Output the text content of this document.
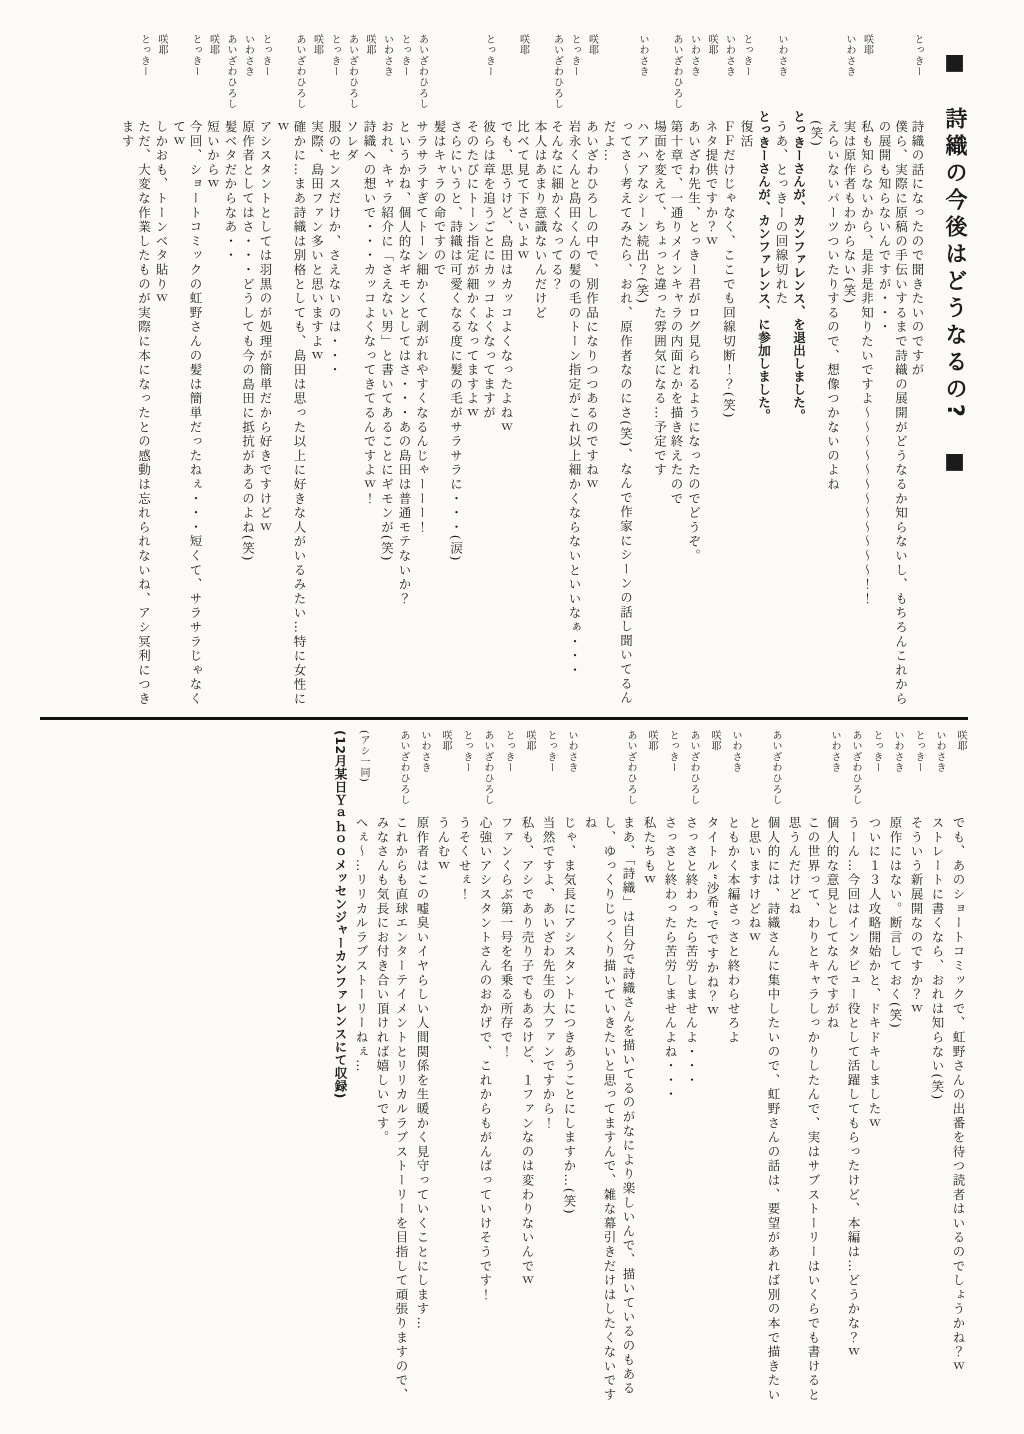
■　詩織の今後はどうなるの?　■

とっきー

詩織の話になったので聞きたいのですが

僕ら、実際に原稿の手伝いするまで詩織の展開がどうなるか知らないし、もちろんこれからの展開も知らないんですが・・・

咲耶

私も知らないから、是非是非知りたいですよ〜〜〜〜〜〜〜〜〜〜〜〜！！

いわさき

実は原作者もわからない(笑)

えらいないパーツついたりするので、想像つかないのよね

(笑)

とっきーさんが、カンファレンス、を退出しました。

いわさき

うあ、とっきーの回線切れた

とっきーさんが、カンファレンス、に参加しました。

とっきー

復活

いわさき

ＦＦだけじゃなく、ここでも回線切断！？(笑)

咲耶

ネタ提供ですか？ｗ

いわさき

あいざわ先生、とっきー君がログ見られるようになったのでどうぞ。

あいざわひろし

第十章で、一通りメインキャラの内面とかを描き終えたので

場面を変えて、ちょっと違った雰囲気になる…予定です

いわさき

ハアハアなシーン続出？(笑)

ってさ〜考えてみたら、おれ、原作者なのにさ(笑)、なんで作家にシーンの話し聞いてるんだよ…

咲耶

あいざわひろしの中で、別作品になりつつあるのですねｗ

とっきー

岩永くんと島田くんの髪の毛のトーン指定がこれ以上細かくならないといいなぁ・・・

あいざわひろし

そんなに細かくなってる？

本人はあまり意識ないんだけど

咲耶

比べて見て下さいよｗ

でも、思うけど、島田はカッコよくなったよねｗ

とっきー

彼らは章を追うごとにカッコよくなってますが

そのたびにトーン指定が細かくなってますよｗ

さらにいうと、詩織は可愛くなる度に髪の毛がサラサラに・・・(涙)

髪はキャラの命ですので

あいざわひろし

サラサラすぎてトーン細かくて剥がれやすくなるんじゃーーー！

とっきー

というかね、個人的なギモンとしてはさ・・・あの島田は普通モテないか？

いわさき

おれ、キャラ紹介に「さえない男」と書いてあることにギモンが(笑)

咲耶

詩織への想いで・・・カッコよくなってきてるんですよｗ！

あいざわひろし

ソレダ

とっきー

服のセンスだけか、さえないのは・・・

咲耶

実際、島田ファン多いと思いますよｗ

あいざわひろし

確かに…まあ詩織は別格としても、島田は思った以上に好きな人がいるみたい…特に女性にｗ

とっきー

アシスタントとしては羽黒のが処理が簡単だから好きですけどｗ

いわさき

原作者としてはさ・・・どうしても今の島田に抵抗があるのよね(笑)

あいざわひろし

髪ベタだからなあ・・

咲耶

短いからｗ

とっきー

今回、ショートコミックの虹野さんの髪は簡単だったねぇ・・・短くて、サラサラじゃなくてｗ

咲耶

しかおも、トーンベタ貼りｗ

とっきー

ただ、大変な作業したものが実際に本になったとの感動は忘れられないね、アシ冥利につきます

咲耶

でも、あのショートコミックで、虹野さんの出番を待つ読者はいるのでしょうかね？ｗ

いわさき

ストレートに書くなら、おれは知らない(笑)

とっきー

そういう新展開なのですか？ｗ

いわさき

原作にはない。断言しておく(笑)

とっきー

ついに１３人攻略開始かと、ドキドキしましたｗ

あいざわひろし

うーん…今回はインタビュー役として活躍してもらったけど、本編は…どうかな？ｗ

いわさき

個人的な意見としてなんですがね

この世界って、わりとキャラしっかりしたんで、実はサブストーリーはいくらでも書けると思うんだけどね

あいざわひろし

個人的には、詩織さんに集中したいので、虹野さんの話は、要望があれば別の本で描きたいと思いますけどねｗ

いわさき

ともかく本編さっさと終わらせろよ

咲耶

タイトル“沙希”でですかね？ｗ

あいざわひろし

さっさと終わったら苦労しませんよ・・・

とっきー

さっさと終わったら苦労しませんよね・・・

咲耶

私たちもｗ

あいざわひろし

まあ、「詩織」は自分で詩織さんを描いてるのがなにより楽しいんで、描いているのもあるし、ゆっくりじっくり描いていきたいと思ってますんで、雑な幕引きだけはしたくないですね

いわさき

じゃ、ま気長にアシスタントにつきあうことにしますか…(笑)

とっきー

当然ですよ、あいざわ先生の大ファンですから！

咲耶

私も、アシであり売り子でもあるけど、１ファンなのは変わりないんでｗ

とっきー

ファンくらぶ第一号を名乗る所存で！

あいざわひろし

心強いアシスタントさんのおかげで、これからもがんばっていけそうです！

とっきー

うそくせぇ！

咲耶

うんむｗ

いわさき

原作者はこの嘘臭いイヤらしい人間関係を生暖かく見守っていくことにします…

あいざわひろし

これからも直球エンターテイメントとリリカルラブストーリーを目指して頑張りますので、みなさんも気長にお付き合い頂ければ嬉しいです。

(アシ一同)

へぇ〜…リリカルラブストーリーねぇ…

(12月某日Ｙａｈｏｏメッセンジャーカンファレンスにて収録)
